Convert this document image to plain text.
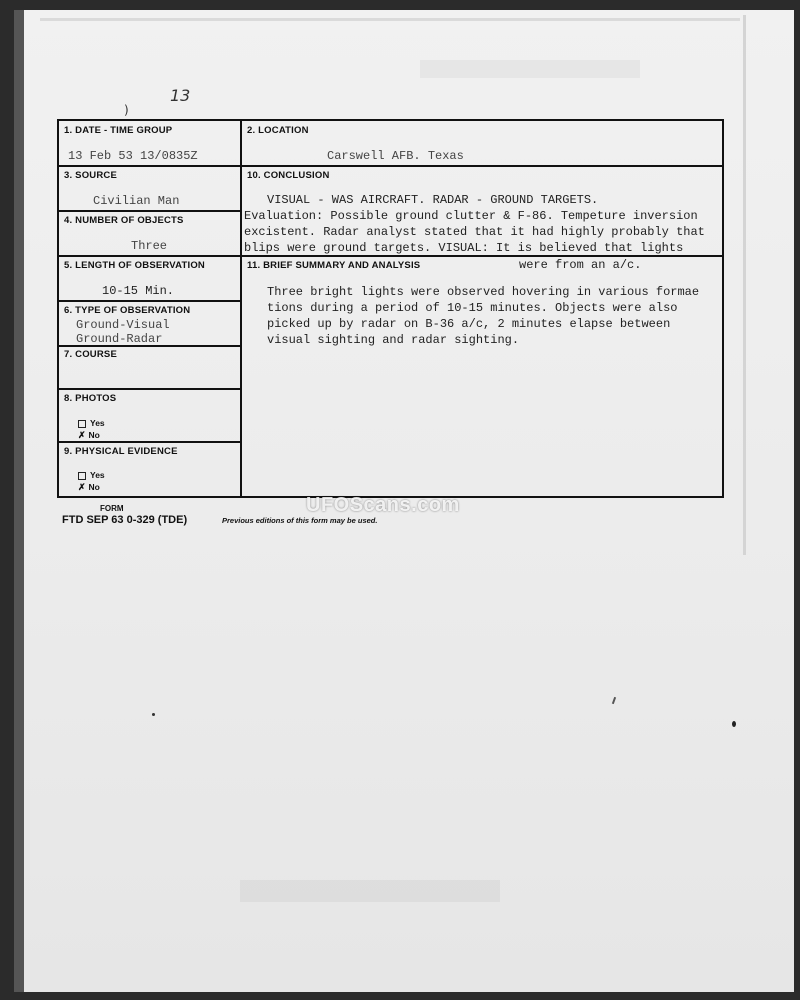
13
)
1. DATE - TIME GROUP
13 Feb 53 13/0835Z
2. LOCATION
Carswell AFB. Texas
3. SOURCE
Civilian Man
10. CONCLUSION
VISUAL - WAS AIRCRAFT. RADAR - GROUND TARGETS.
Evaluation: Possible ground clutter & F-86. Tempeture inversion
excistent. Radar analyst stated that it had highly probably that
blips were ground targets. VISUAL: It is believed that lights
were from an a/c.
4. NUMBER OF OBJECTS
Three
5. LENGTH OF OBSERVATION
10-15 Min.
11. BRIEF SUMMARY AND ANALYSIS
Three bright lights were observed hovering in various formae
tions during a period of 10-15 minutes. Objects were also
picked up by radar on B-36 a/c, 2 minutes elapse between
visual sighting and radar sighting.
6. TYPE OF OBSERVATION
Ground-Visual
Ground-Radar
7. COURSE
8. PHOTOS
Yes
✗ No
9. PHYSICAL EVIDENCE
Yes
✗ No
FORM
FTD SEP 63 0-329 (TDE)	Previous editions of this form may be used.
UFOScans.com
